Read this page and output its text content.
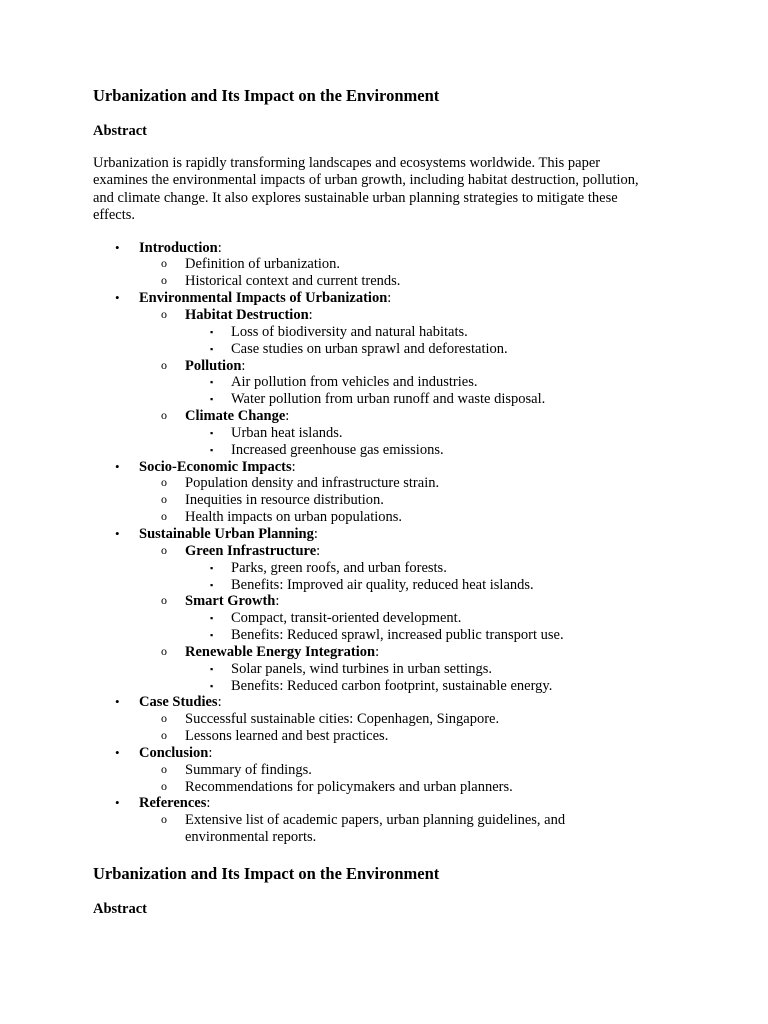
Urbanization and Its Impact on the Environment
Abstract

Urbanization is rapidly transforming landscapes and ecosystems worldwide. This paper examines the environmental impacts of urban growth, including habitat destruction, pollution, and climate change. It also explores sustainable urban planning strategies to mitigate these effects.

• Introduction:
o Definition of urbanization.
o Historical context and current trends.
• Environmental Impacts of Urbanization:
o Habitat Destruction:
▪ Loss of biodiversity and natural habitats.
▪ Case studies on urban sprawl and deforestation.
o Pollution:
▪ Air pollution from vehicles and industries.
▪ Water pollution from urban runoff and waste disposal.
o Climate Change:
▪ Urban heat islands.
▪ Increased greenhouse gas emissions.
• Socio-Economic Impacts:
o Population density and infrastructure strain.
o Inequities in resource distribution.
o Health impacts on urban populations.
• Sustainable Urban Planning:
o Green Infrastructure:
▪ Parks, green roofs, and urban forests.
▪ Benefits: Improved air quality, reduced heat islands.
o Smart Growth:
▪ Compact, transit-oriented development.
▪ Benefits: Reduced sprawl, increased public transport use.
o Renewable Energy Integration:
▪ Solar panels, wind turbines in urban settings.
▪ Benefits: Reduced carbon footprint, sustainable energy.
• Case Studies:
o Successful sustainable cities: Copenhagen, Singapore.
o Lessons learned and best practices.
• Conclusion:
o Summary of findings.
o Recommendations for policymakers and urban planners.
• References:
o Extensive list of academic papers, urban planning guidelines, and environmental reports.
Urbanization and Its Impact on the Environment
Abstract
